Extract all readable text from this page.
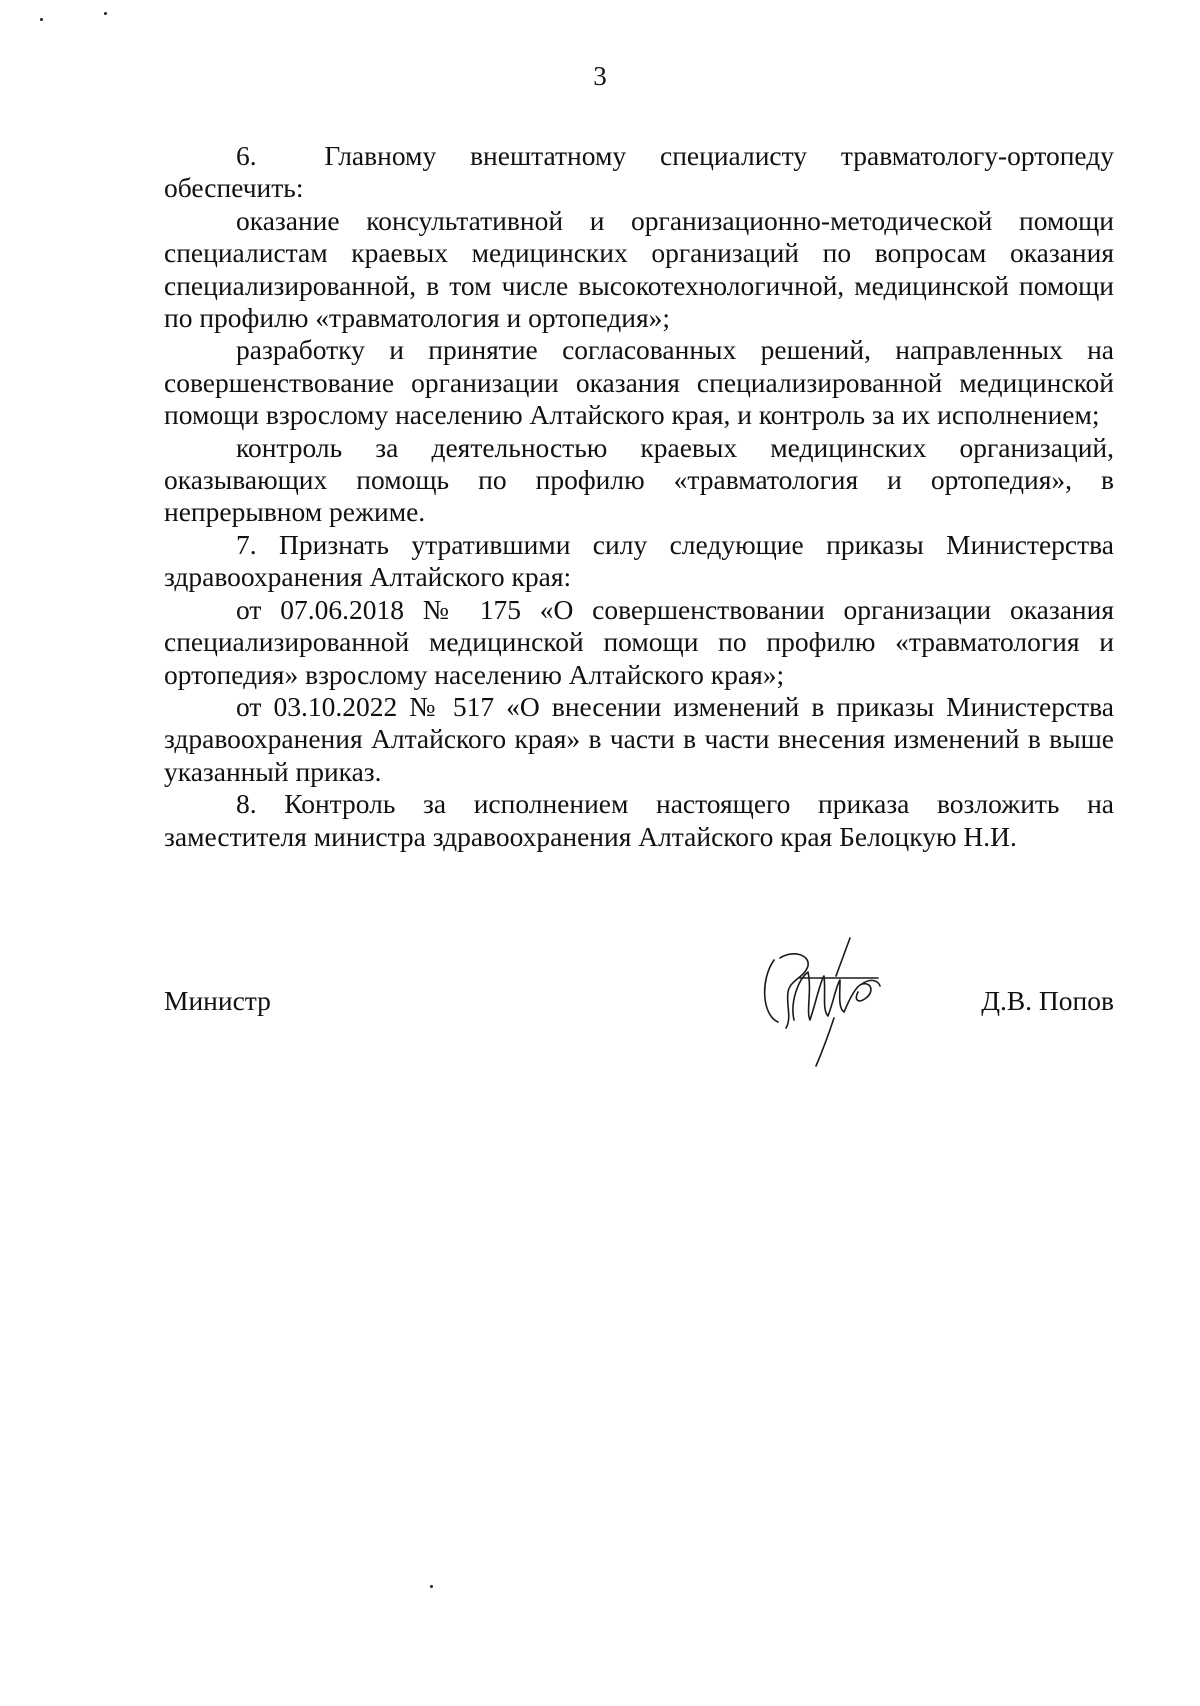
3

6.  Главному внештатному специалисту травматологу-ортопеду обеспечить:

оказание консультативной и организационно-методической помощи специалистам краевых медицинских организаций по вопросам оказания специализированной, в том числе высокотехнологичной, медицинской помощи по профилю «травматология и ортопедия»;

разработку и принятие согласованных решений, направленных на совершенствование организации оказания специализированной медицинской помощи взрослому населению Алтайского края, и контроль за их исполнением;

контроль за деятельностью краевых медицинских организаций, оказывающих помощь по профилю «травматология и ортопедия», в непрерывном режиме.

7. Признать утратившими силу следующие приказы Министерства здравоохранения Алтайского края:

от 07.06.2018 № 175 «О совершенствовании организации оказания специализированной медицинской помощи по профилю «травматология и ортопедия» взрослому населению Алтайского края»;

от 03.10.2022 № 517 «О внесении изменений в приказы Министерства здравоохранения Алтайского края» в части в части внесения изменений в выше указанный приказ.

8. Контроль за исполнением настоящего приказа возложить на заместителя министра здравоохранения Алтайского края Белоцкую Н.И.

Министр	Д.В. Попов
